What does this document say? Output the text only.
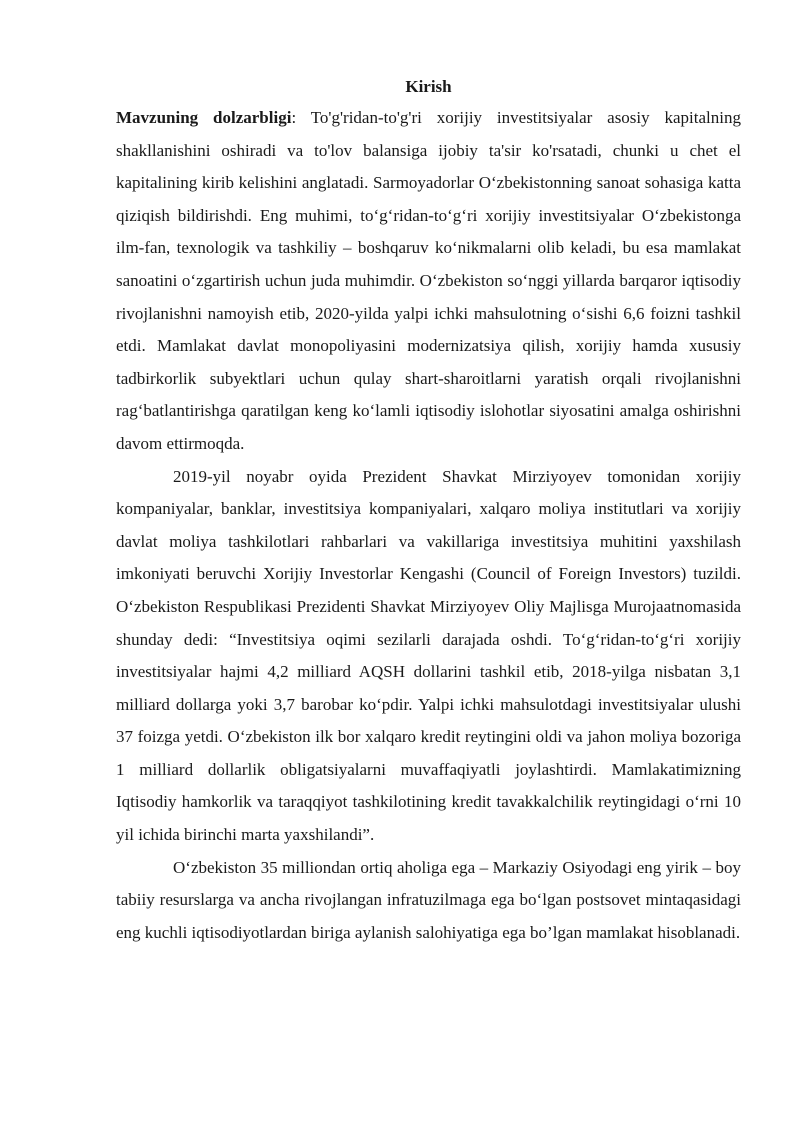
Kirish

Mavzuning dolzarbligi: To'g'ridan-to'g'ri xorijiy investitsiyalar asosiy kapitalning shakllanishini oshiradi va to'lov balansiga ijobiy ta'sir ko'rsatadi, chunki u chet el kapitalining kirib kelishini anglatadi. Sarmoyadorlar O‘zbekistonning sanoat sohasiga katta qiziqish bildirishdi. Eng muhimi, to‘g‘ridan-to‘g‘ri xorijiy investitsiyalar O‘zbekistonga ilm-fan, texnologik va tashkiliy – boshqaruv ko‘nikmalarni olib keladi, bu esa mamlakat sanoatini o‘zgartirish uchun juda muhimdir. O‘zbekiston so‘nggi yillarda barqaror iqtisodiy rivojlanishni namoyish etib, 2020-yilda yalpi ichki mahsulotning o‘sishi 6,6 foizni tashkil etdi. Mamlakat davlat monopoliyasini modernizatsiya qilish, xorijiy hamda xususiy tadbirkorlik subyektlari uchun qulay shart-sharoitlarni yaratish orqali rivojlanishni rag‘batlantirishga qaratilgan keng ko‘lamli iqtisodiy islohotlar siyosatini amalga oshirishni davom ettirmoqda.

2019-yil noyabr oyida Prezident Shavkat Mirziyoyev tomonidan xorijiy kompaniyalar, banklar, investitsiya kompaniyalari, xalqaro moliya institutlari va xorijiy davlat moliya tashkilotlari rahbarlari va vakillariga investitsiya muhitini yaxshilash imkoniyati beruvchi Xorijiy Investorlar Kengashi (Council of Foreign Investors) tuzildi. O‘zbekiston Respublikasi Prezidenti Shavkat Mirziyoyev Oliy Majlisga Murojaatnomasida shunday dedi: “Investitsiya oqimi sezilarli darajada oshdi. To‘g‘ridan-to‘g‘ri xorijiy investitsiyalar hajmi 4,2 milliard AQSH dollarini tashkil etib, 2018-yilga nisbatan 3,1 milliard dollarga yoki 3,7 barobar ko‘pdir. Yalpi ichki mahsulotdagi investitsiyalar ulushi 37 foizga yetdi. O‘zbekiston ilk bor xalqaro kredit reytingini oldi va jahon moliya bozoriga 1 milliard dollarlik obligatsiyalarni muvaffaqiyatli joylashtirdi. Mamlakatimizning Iqtisodiy hamkorlik va taraqqiyot tashkilotining kredit tavakkalchilik reytingidagi o‘rni 10 yil ichida birinchi marta yaxshilandi”.

O‘zbekiston 35 milliondan ortiq aholiga ega – Markaziy Osiyodagi eng yirik – boy tabiiy resurslarga va ancha rivojlangan infratuzilmaga ega bo‘lgan postsovet mintaqasidagi eng kuchli iqtisodiyotlardan biriga aylanish salohiyatiga ega bo’lgan mamlakat hisoblanadi.
